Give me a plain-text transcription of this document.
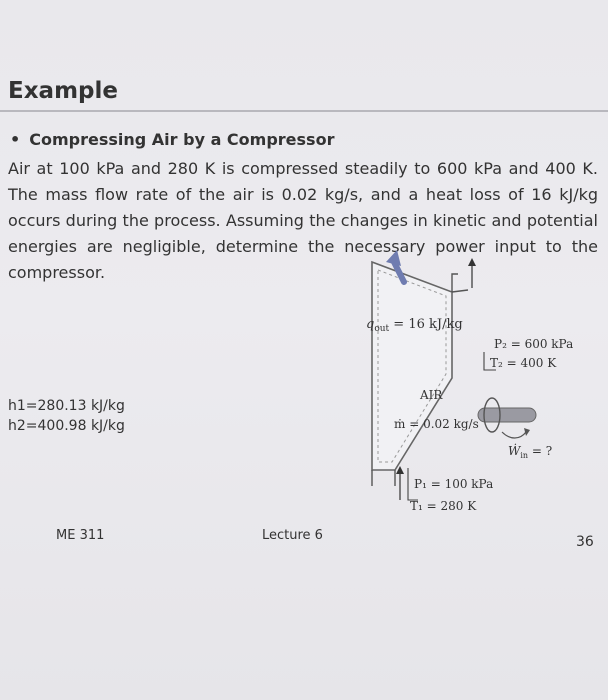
Example
• Compressing Air by a Compressor
Air at 100 kPa and 280 K is compressed steadily to 600 kPa and 400 K. The mass flow rate of the air is 0.02 kg/s, and a heat loss of 16 kJ/kg occurs during the process. Assuming the changes in kinetic and potential energies are negligible, determine the necessary power input to the compressor.
h1=280.13 kJ/kg
h2=400.98 kJ/kg
$q_{out} = 16$ kJ/kg
P₂ = 600 kPa
T₂ = 400 K
AIR
ṁ = 0.02 kg/s
Ẇ$_{in}$ = ?
P₁ = 100 kPa
T₁ = 280 K
ME 311	Lecture 6	36
